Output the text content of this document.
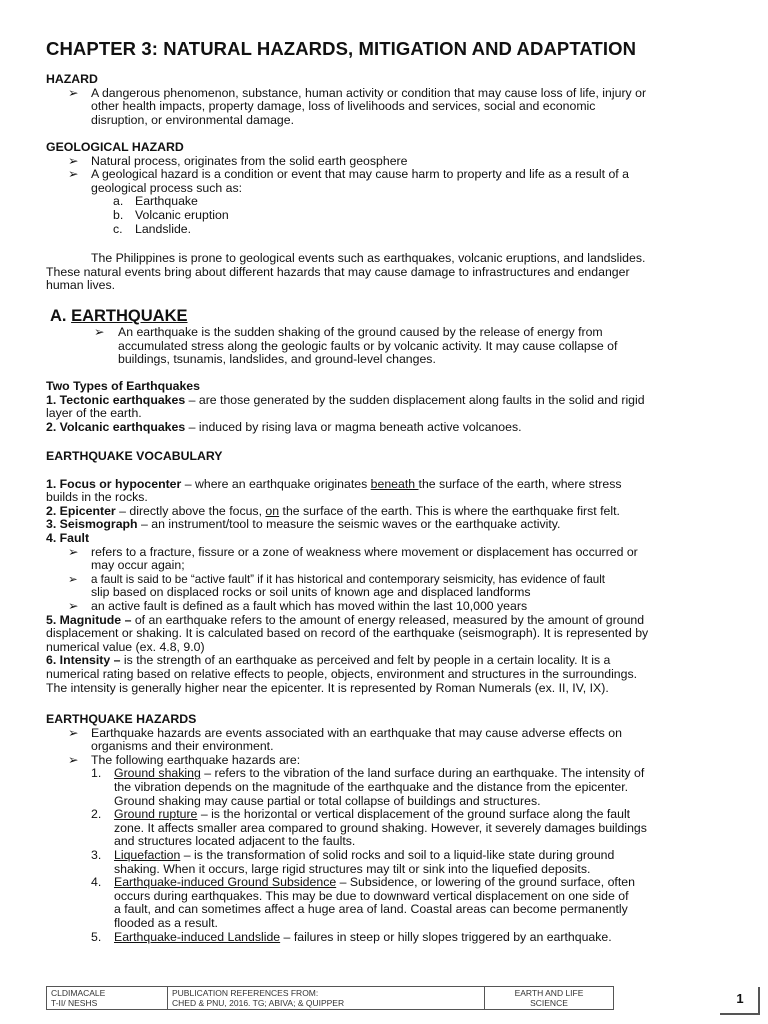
CHAPTER 3: NATURAL HAZARDS, MITIGATION AND ADAPTATION
HAZARD
➢	A dangerous phenomenon, substance, human activity or condition that may cause loss of life, injury or
other health impacts, property damage, loss of livelihoods and services, social and economic
disruption, or environmental damage.
GEOLOGICAL HAZARD
➢	Natural process, originates from the solid earth geosphere
➢	A geological hazard is a condition or event that may cause harm to property and life as a result of a
geological process such as:
a. Earthquake
b. Volcanic eruption
c. Landslide.
The Philippines is prone to geological events such as earthquakes, volcanic eruptions, and landslides.
These natural events bring about different hazards that may cause damage to infrastructures and endanger
human lives.
A. EARTHQUAKE
➢	An earthquake is the sudden shaking of the ground caused by the release of energy from
accumulated stress along the geologic faults or by volcanic activity. It may cause collapse of
buildings, tsunamis, landslides, and ground-level changes.
Two Types of Earthquakes
1. Tectonic earthquakes – are those generated by the sudden displacement along faults in the solid and rigid
layer of the earth.
2. Volcanic earthquakes – induced by rising lava or magma beneath active volcanoes.
EARTHQUAKE VOCABULARY
1. Focus or hypocenter – where an earthquake originates beneath the surface of the earth, where stress
builds in the rocks.
2. Epicenter – directly above the focus, on the surface of the earth. This is where the earthquake first felt.
3. Seismograph – an instrument/tool to measure the seismic waves or the earthquake activity.
4. Fault
➢	refers to a fracture, fissure or a zone of weakness where movement or displacement has occurred or
may occur again;
➢	a fault is said to be “active fault” if it has historical and contemporary seismicity, has evidence of fault
slip based on displaced rocks or soil units of known age and displaced landforms
➢	an active fault is defined as a fault which has moved within the last 10,000 years
5. Magnitude – of an earthquake refers to the amount of energy released, measured by the amount of ground
displacement or shaking. It is calculated based on record of the earthquake (seismograph). It is represented by
numerical value (ex. 4.8, 9.0)
6. Intensity – is the strength of an earthquake as perceived and felt by people in a certain locality. It is a
numerical rating based on relative effects to people, objects, environment and structures in the surroundings.
The intensity is generally higher near the epicenter. It is represented by Roman Numerals (ex. II, IV, IX).
EARTHQUAKE HAZARDS
➢	Earthquake hazards are events associated with an earthquake that may cause adverse effects on
organisms and their environment.
➢	The following earthquake hazards are:
1. Ground shaking – refers to the vibration of the land surface during an earthquake. The intensity of
the vibration depends on the magnitude of the earthquake and the distance from the epicenter.
Ground shaking may cause partial or total collapse of buildings and structures.
2. Ground rupture – is the horizontal or vertical displacement of the ground surface along the fault
zone. It affects smaller area compared to ground shaking. However, it severely damages buildings
and structures located adjacent to the faults.
3. Liquefaction – is the transformation of solid rocks and soil to a liquid-like state during ground
shaking. When it occurs, large rigid structures may tilt or sink into the liquefied deposits.
4. Earthquake-induced Ground Subsidence – Subsidence, or lowering of the ground surface, often
occurs during earthquakes. This may be due to downward vertical displacement on one side of
a fault, and can sometimes affect a huge area of land. Coastal areas can become permanently
flooded as a result.
5. Earthquake-induced Landslide – failures in steep or hilly slopes triggered by an earthquake.
CLDIMACALE
T-II/ NESHS

PUBLICATION REFERENCES FROM:
CHED & PNU, 2016. TG; ABIVA; & QUIPPER

EARTH AND LIFE
SCIENCE	1
